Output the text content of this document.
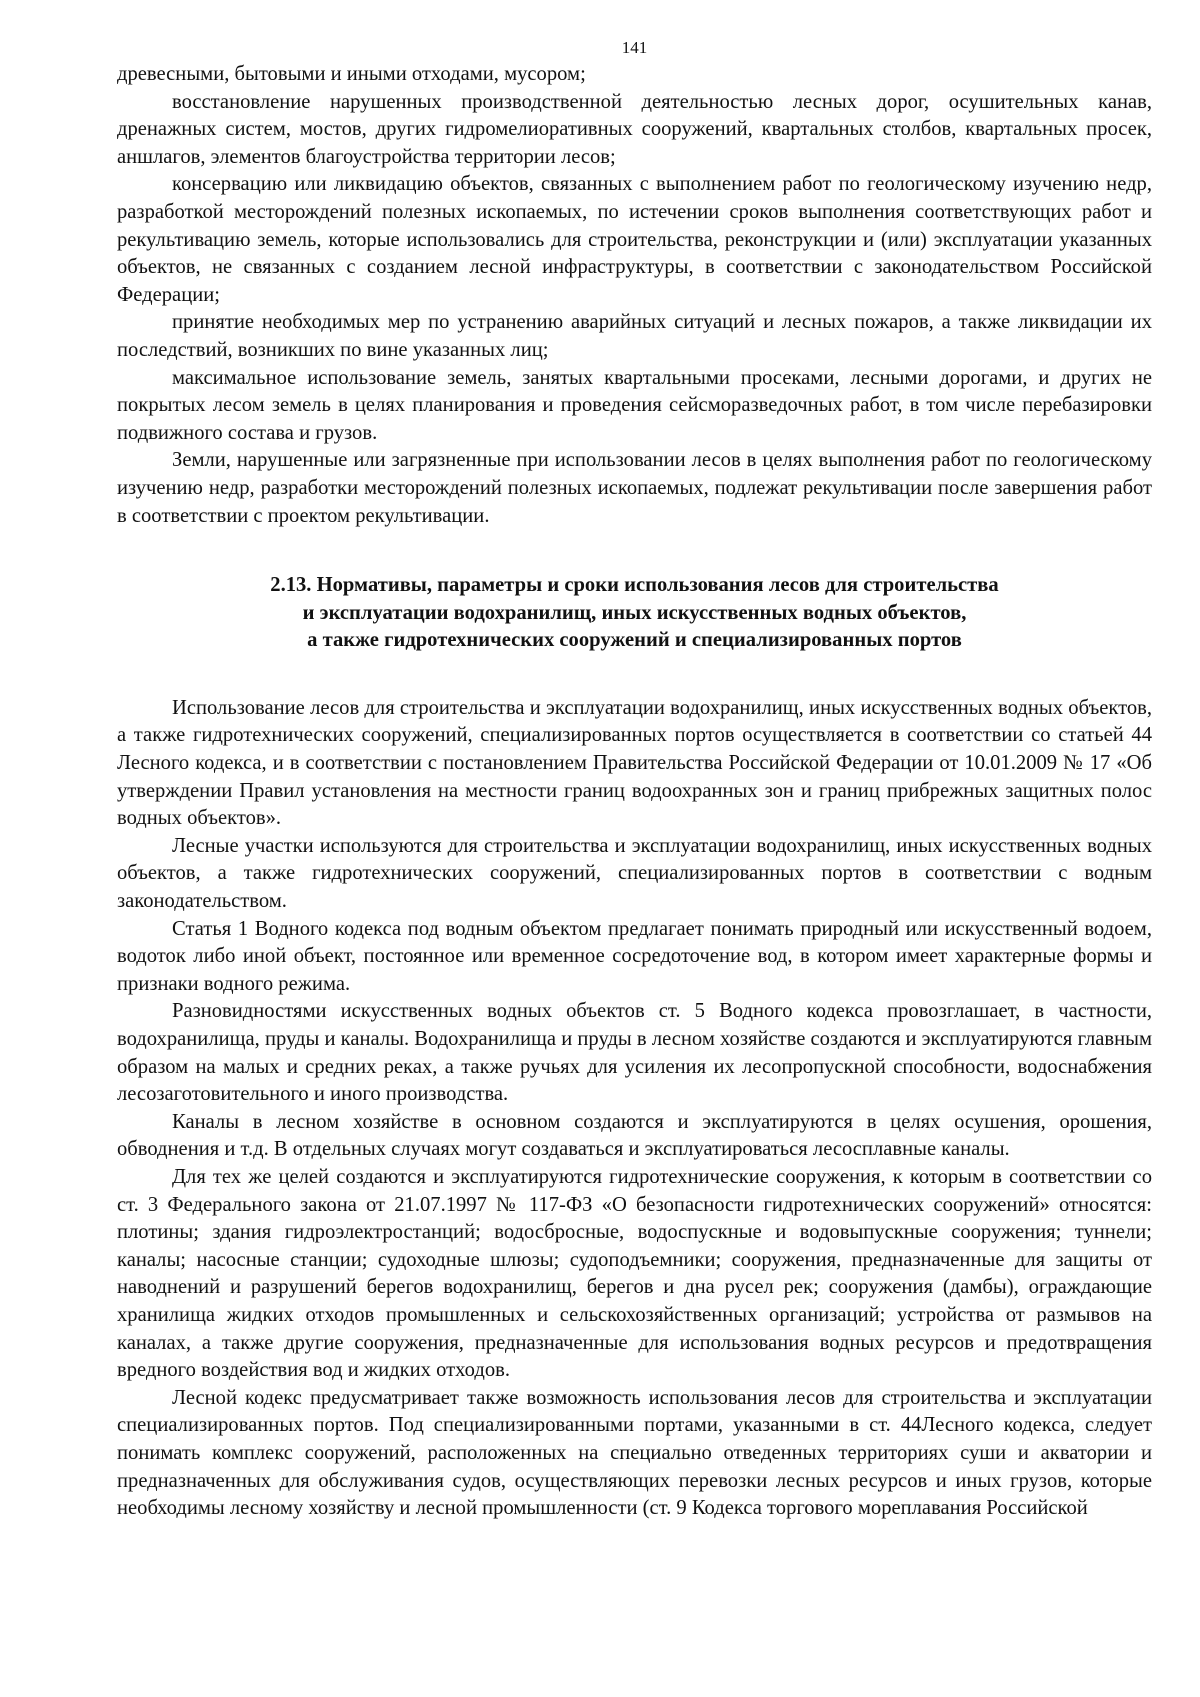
141

древесными, бытовыми и иными отходами, мусором;

восстановление нарушенных производственной деятельностью лесных дорог, осушительных канав, дренажных систем, мостов, других гидромелиоративных сооружений, квартальных столбов, квартальных просек, аншлагов, элементов благоустройства территории лесов;

консервацию или ликвидацию объектов, связанных с выполнением работ по геологическому изучению недр, разработкой месторождений полезных ископаемых, по истечении сроков выполнения соответствующих работ и рекультивацию земель, которые использовались для строительства, реконструкции и (или) эксплуатации указанных объектов, не связанных с созданием лесной инфраструктуры, в соответствии с законодательством Российской Федерации;

принятие необходимых мер по устранению аварийных ситуаций и лесных пожаров, а также ликвидации их последствий, возникших по вине указанных лиц;

максимальное использование земель, занятых квартальными просеками, лесными дорогами, и других не покрытых лесом земель в целях планирования и проведения сейсморазведочных работ, в том числе перебазировки подвижного состава и грузов.

Земли, нарушенные или загрязненные при использовании лесов в целях выполнения работ по геологическому изучению недр, разработки месторождений полезных ископаемых, подлежат рекультивации после завершения работ в соответствии с проектом рекультивации.

2.13. Нормативы, параметры и сроки использования лесов для строительства
и эксплуатации водохранилищ, иных искусственных водных объектов,
а также гидротехнических сооружений и специализированных портов

Использование лесов для строительства и эксплуатации водохранилищ, иных искусственных водных объектов, а также гидротехнических сооружений, специализированных портов осуществляется в соответствии со статьей 44 Лесного кодекса, и в соответствии с постановлением Правительства Российской Федерации от 10.01.2009 № 17 «Об утверждении Правил установления на местности границ водоохранных зон и границ прибрежных защитных полос водных объектов».

Лесные участки используются для строительства и эксплуатации водохранилищ, иных искусственных водных объектов, а также гидротехнических сооружений, специализированных портов в соответствии с водным законодательством.

Статья 1 Водного кодекса под водным объектом предлагает понимать природный или искусственный водоем, водоток либо иной объект, постоянное или временное сосредоточение вод, в котором имеет характерные формы и признаки водного режима.

Разновидностями искусственных водных объектов ст. 5 Водного кодекса провозглашает, в частности, водохранилища, пруды и каналы. Водохранилища и пруды в лесном хозяйстве создаются и эксплуатируются главным образом на малых и средних реках, а также ручьях для усиления их лесопропускной способности, водоснабжения лесозаготовительного и иного производства.

Каналы в лесном хозяйстве в основном создаются и эксплуатируются в целях осушения, орошения, обводнения и т.д. В отдельных случаях могут создаваться и эксплуатироваться лесосплавные каналы.

Для тех же целей создаются и эксплуатируются гидротехнические сооружения, к которым в соответствии со ст. 3 Федерального закона от 21.07.1997 № 117-ФЗ «О безопасности гидротехнических сооружений» относятся: плотины; здания гидроэлектростанций; водосбросные, водоспускные и водовыпускные сооружения; туннели; каналы; насосные станции; судоходные шлюзы; судоподъемники; сооружения, предназначенные для защиты от наводнений и разрушений берегов водохранилищ, берегов и дна русел рек; сооружения (дамбы), ограждающие хранилища жидких отходов промышленных и сельскохозяйственных организаций; устройства от размывов на каналах, а также другие сооружения, предназначенные для использования водных ресурсов и предотвращения вредного воздействия вод и жидких отходов.

Лесной кодекс предусматривает также возможность использования лесов для строительства и эксплуатации специализированных портов. Под специализированными портами, указанными в ст. 44Лесного кодекса, следует понимать комплекс сооружений, расположенных на специально отведенных территориях суши и акватории и предназначенных для обслуживания судов, осуществляющих перевозки лесных ресурсов и иных грузов, которые необходимы лесному хозяйству и лесной промышленности (ст. 9 Кодекса торгового мореплавания Российской
